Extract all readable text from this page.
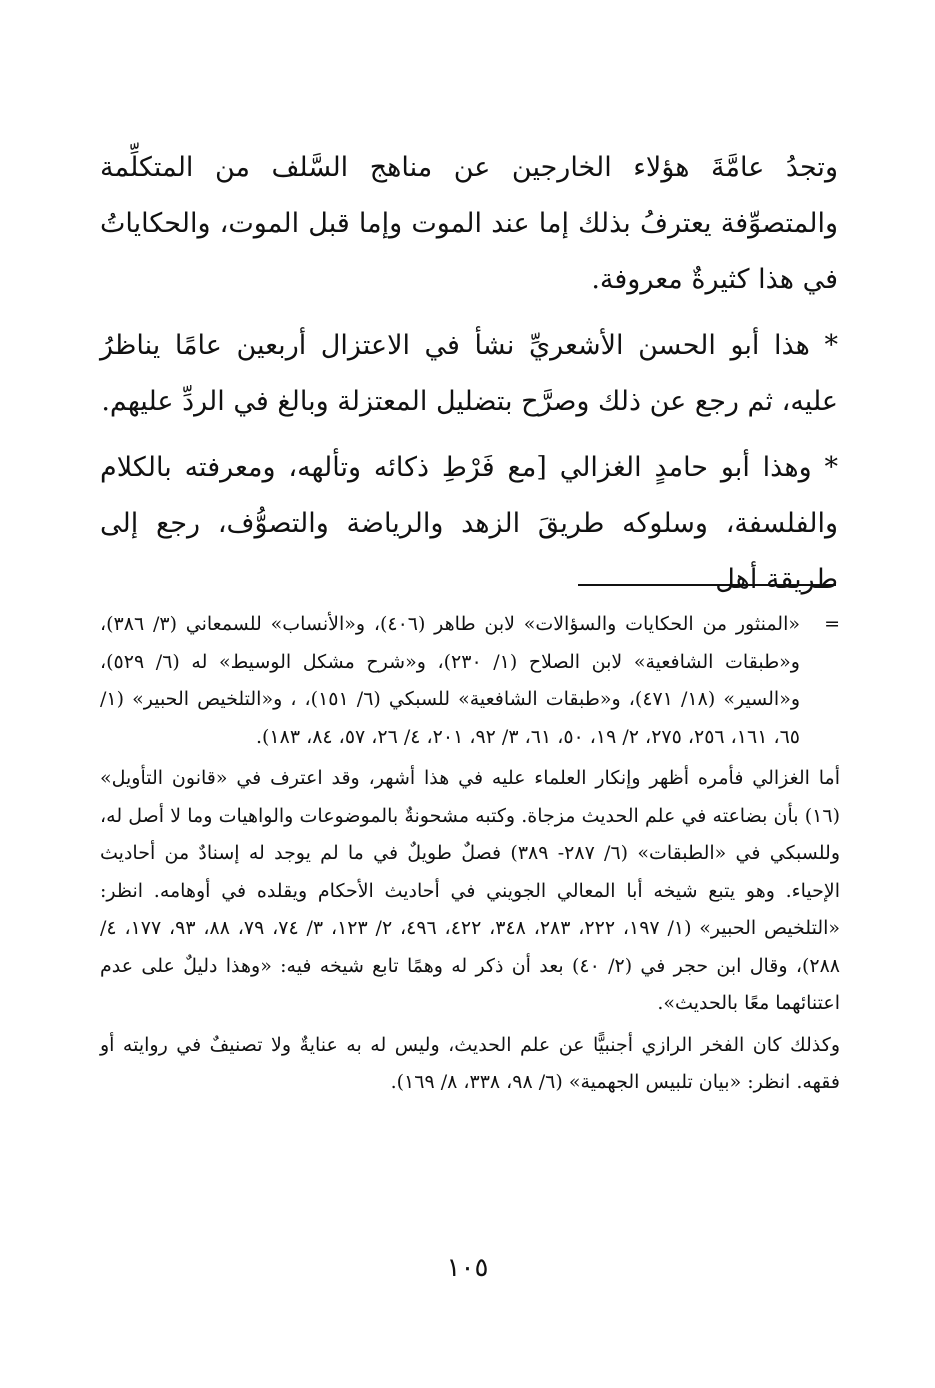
وتجدُ عامَّةَ هؤلاء الخارجين عن مناهج السَّلف من المتكلِّمة والمتصوِّفة يعترفُ بذلك إما عند الموت وإما قبل الموت، والحكاياتُ في هذا كثيرةٌ معروفة.

* هذا أبو الحسن الأشعريِّ نشأ في الاعتزال أربعين عامًا يناظرُ عليه، ثم رجع عن ذلك وصرَّح بتضليل المعتزلة وبالغ في الردِّ عليهم.

* وهذا أبو حامدٍ الغزالي [مع فَرْطِ ذكائه وتألهه، ومعرفته بالكلام والفلسفة، وسلوكه طريقَ الزهد والرياضة والتصوُّف، رجع إلى طريقة أهل

=

«المنثور من الحكايات والسؤالات» لابن طاهر (٤٠٦)، و«الأنساب» للسمعاني (٣/ ٣٨٦)، و«طبقات الشافعية» لابن الصلاح (١/ ٢٣٠)، و«شرح مشكل الوسيط» له (٦/ ٥٢٩)، و«السير» (١٨/ ٤٧١)، و«طبقات الشافعية» للسبكي (٦/ ١٥١)، ، و«التلخيص الحبير» (١/ ٦٥، ١٦١، ٢٥٦، ٢٧٥، ٢/ ١٩، ٥٠، ٦١، ٣/ ٩٢، ٢٠١، ٤/ ٢٦، ٥٧، ٨٤، ١٨٣).

أما الغزالي فأمره أظهر وإنكار العلماء عليه في هذا أشهر، وقد اعترف في «قانون التأويل» (١٦) بأن بضاعته في علم الحديث مزجاة. وكتبه مشحونةٌ بالموضوعات والواهيات وما لا أصل له، وللسبكي في «الطبقات» (٦/ ٢٨٧- ٣٨٩) فصلٌ طويلٌ في ما لم يوجد له إسنادٌ من أحاديث الإحياء. وهو يتبع شيخه أبا المعالي الجويني في أحاديث الأحكام ويقلده في أوهامه. انظر: «التلخيص الحبير» (١/ ١٩٧، ٢٢٢، ٢٨٣، ٣٤٨، ٤٢٢، ٤٩٦، ٢/ ١٢٣، ٣/ ٧٤، ٧٩، ٨٨، ٩٣، ١٧٧، ٤/ ٢٨٨)، وقال ابن حجر في (٢/ ٤٠) بعد أن ذكر له وهمًا تابع شيخه فيه: «وهذا دليلٌ على عدم اعتنائهما معًا بالحديث».

وكذلك كان الفخر الرازي أجنبيًّا عن علم الحديث، وليس له به عنايةٌ ولا تصنيفٌ في روايته أو فقهه. انظر: «بيان تلبيس الجهمية» (٦/ ٩٨، ٣٣٨، ٨/ ١٦٩).

١٠٥
